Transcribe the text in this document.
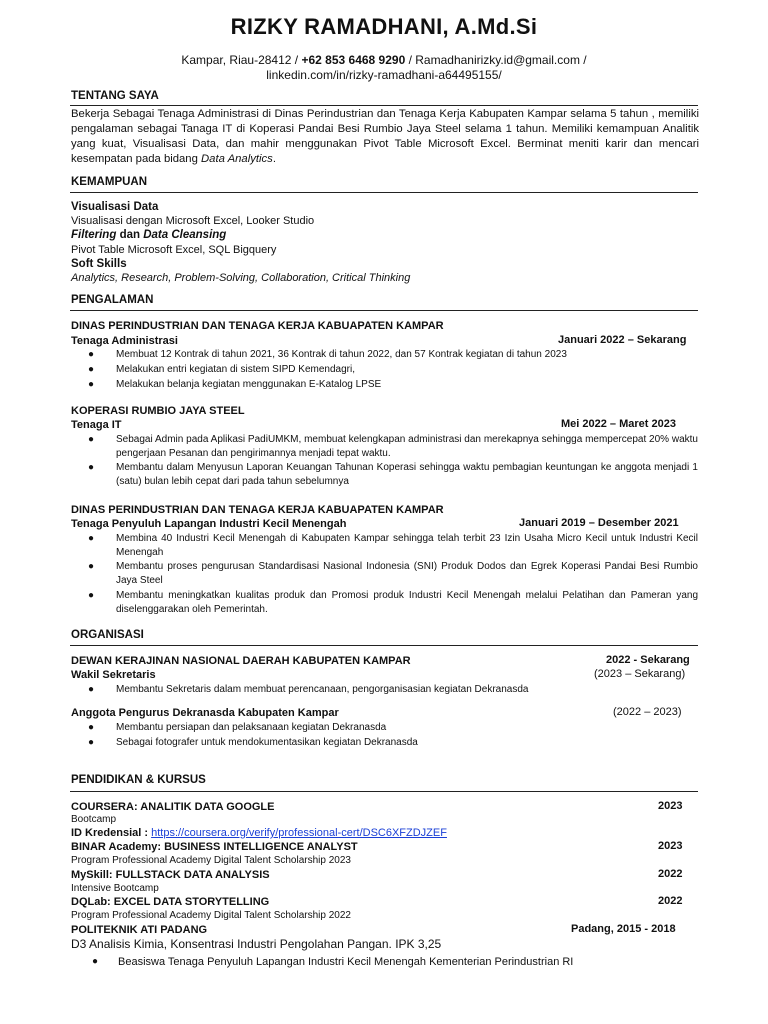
RIZKY RAMADHANI, A.Md.Si
Kampar, Riau-28412 / +62 853 6468 9290 / Ramadhanirizky.id@gmail.com /
linkedin.com/in/rizky-ramadhani-a64495155/
TENTANG SAYA
Bekerja Sebagai Tenaga Administrasi di Dinas Perindustrian dan Tenaga Kerja Kabupaten Kampar selama 5 tahun , memiliki pengalaman sebagai Tanaga IT di Koperasi Pandai Besi Rumbio Jaya Steel selama 1 tahun. Memiliki kemampuan Analitik yang kuat, Visualisasi Data, dan mahir menggunakan Pivot Table Microsoft Excel. Berminat meniti karir dan mencari kesempatan pada bidang Data Analytics.
KEMAMPUAN
Visualisasi Data
Visualisasi dengan Microsoft Excel, Looker Studio
Filtering dan Data Cleansing
Pivot Table Microsoft Excel, SQL Bigquery
Soft Skills
Analytics, Research, Problem-Solving, Collaboration, Critical Thinking
PENGALAMAN
DINAS PERINDUSTRIAN DAN TENAGA KERJA KABUAPATEN KAMPAR
Tenaga Administrasi	Januari 2022 – Sekarang
● Membuat 12 Kontrak di tahun 2021, 36 Kontrak di tahun 2022, dan 57 Kontrak kegiatan di tahun 2023
● Melakukan entri kegiatan di sistem SIPD Kemendagri,
● Melakukan belanja kegiatan menggunakan E-Katalog LPSE
KOPERASI RUMBIO JAYA STEEL
Tenaga IT	Mei 2022 – Maret 2023
● Sebagai Admin pada Aplikasi PadiUMKM, membuat kelengkapan administrasi dan merekapnya sehingga mempercepat 20% waktu pengerjaan Pesanan dan pengirimannya menjadi tepat waktu.
● Membantu dalam Menyusun Laporan Keuangan Tahunan Koperasi sehingga waktu pembagian keuntungan ke anggota menjadi 1 (satu) bulan lebih cepat dari pada tahun sebelumnya
DINAS PERINDUSTRIAN DAN TENAGA KERJA KABUAPATEN KAMPAR
Tenaga Penyuluh Lapangan Industri Kecil Menengah	Januari 2019 – Desember 2021
● Membina 40 Industri Kecil Menengah di Kabupaten Kampar sehingga telah terbit 23 Izin Usaha Micro Kecil untuk Industri Kecil Menengah
● Membantu proses pengurusan Standardisasi Nasional Indonesia (SNI) Produk Dodos dan Egrek Koperasi Pandai Besi Rumbio Jaya Steel
● Membantu meningkatkan kualitas produk dan Promosi produk Industri Kecil Menengah melalui Pelatihan dan Pameran yang diselenggarakan oleh Pemerintah.
ORGANISASI
DEWAN KERAJINAN NASIONAL DAERAH KABUPATEN KAMPAR	2022 - Sekarang
Wakil Sekretaris	(2023 – Sekarang)
● Membantu Sekretaris dalam membuat perencanaan, pengorganisasian kegiatan Dekranasda
Anggota Pengurus Dekranasda Kabupaten Kampar	(2022 – 2023)
● Membantu persiapan dan pelaksanaan kegiatan Dekranasda
● Sebagai fotografer untuk mendokumentasikan kegiatan Dekranasda
PENDIDIKAN & KURSUS
COURSERA: ANALITIK DATA GOOGLE	2023
Bootcamp
ID Kredensial : https://coursera.org/verify/professional-cert/DSC6XFZDJZEF
BINAR Academy: BUSINESS INTELLIGENCE ANALYST	2023
Program Professional Academy Digital Talent Scholarship 2023
MySkill: FULLSTACK DATA ANALYSIS	2022
Intensive Bootcamp
DQLab: EXCEL DATA STORYTELLING	2022
Program Professional Academy Digital Talent Scholarship 2022
POLITEKNIK ATI PADANG	Padang, 2015 - 2018
D3 Analisis Kimia, Konsentrasi Industri Pengolahan Pangan. IPK 3,25
● Beasiswa Tenaga Penyuluh Lapangan Industri Kecil Menengah Kementerian Perindustrian RI
